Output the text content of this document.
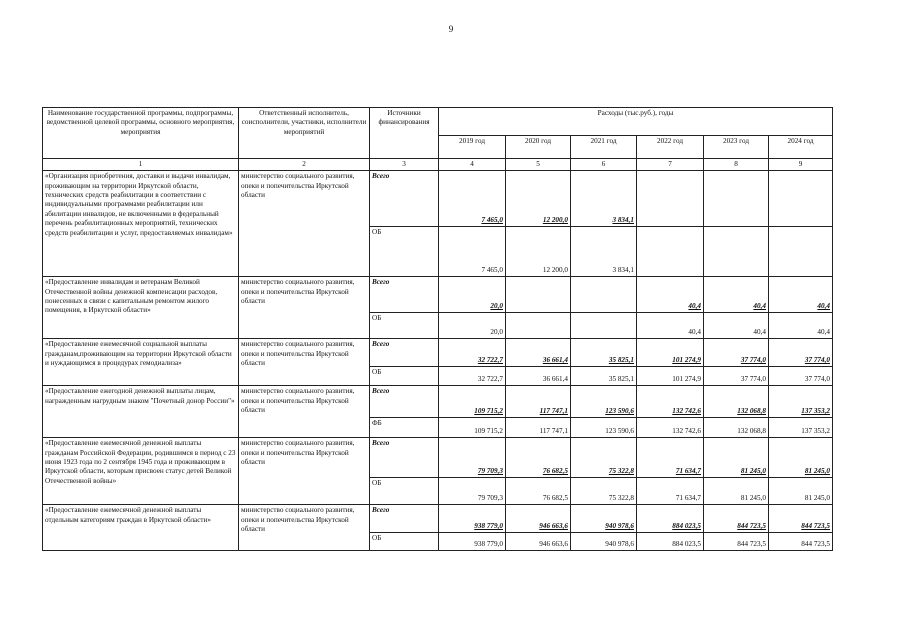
9
Наименование государственной программы, подпрограммы, ведомственной целевой программы, основного мероприятия, мероприятия	Ответственный исполнитель, соисполнители, участники, исполнители мероприятий	Источники финансирования	Расходы (тыс.руб.), годы					
			2019 год	2020 год	2021 год	2022 год	2023 год	2024 год
1	2	3	4	5	6	7	8	9
«Организация приобретения, доставки и выдачи инвалидам, проживающим на территории Иркутской области, технических средств реабилитации в соответствии с индивидуальными программами реабилитации или абилитации инвалидов, не включенными в федеральный перечень реабилитационных мероприятий, технических средств реабилитации и услуг, предоставляемых инвалидам»	министерство социального развития, опеки и попечительства Иркутской области	Всего	7 465,0	12 200,0	3 834,1			
		ОБ	7 465,0	12 200,0	3 834,1			
«Предоставление инвалидам и ветеранам Великой Отечественной войны денежной компенсации расходов, понесенных в связи с капитальным ремонтом жилого помещения, в Иркутской области»	министерство социального развития, опеки и попечительства Иркутской области	Всего	20,0			40,4	40,4	40,4
		ОБ	20,0			40,4	40,4	40,4
«Предоставление ежемесячной социальной выплаты гражданам,проживающим на территории Иркутской области и нуждающимся в процедурах гемодиализа»	министерство социального развития, опеки и попечительства Иркутской области	Всего	32 722,7	36 661,4	35 825,1	101 274,9	37 774,0	37 774,0
		ОБ	32 722,7	36 661,4	35 825,1	101 274,9	37 774,0	37 774,0
«Предоставление ежегодной денежной выплаты лицам, награжденным нагрудным знаком "Почетный донор России"»	министерство социального развития, опеки и попечительства Иркутской области	Всего	109 715,2	117 747,1	123 590,6	132 742,6	132 068,8	137 353,2
		ФБ	109 715,2	117 747,1	123 590,6	132 742,6	132 068,8	137 353,2
«Предоставление ежемесячной денежной выплаты гражданам Российской Федерации, родившимся в период с 23 июня 1923 года по 2 сентября 1945 года и проживающим в Иркутской области, которым присвоен статус детей Великой Отечественной войны»	министерство социального развития, опеки и попечительства Иркутской области	Всего	79 709,3	76 682,5	75 322,8	71 634,7	81 245,0	81 245,0
		ОБ	79 709,3	76 682,5	75 322,8	71 634,7	81 245,0	81 245,0
«Предоставление ежемесячной денежной выплаты отдельным категориям граждан в Иркутской области»	министерство социального развития, опеки и попечительства Иркутской области	Всего	938 779,0	946 663,6	940 978,6	884 023,5	844 723,5	844 723,5
		ОБ	938 779,0	946 663,6	940 978,6	884 023,5	844 723,5	844 723,5
